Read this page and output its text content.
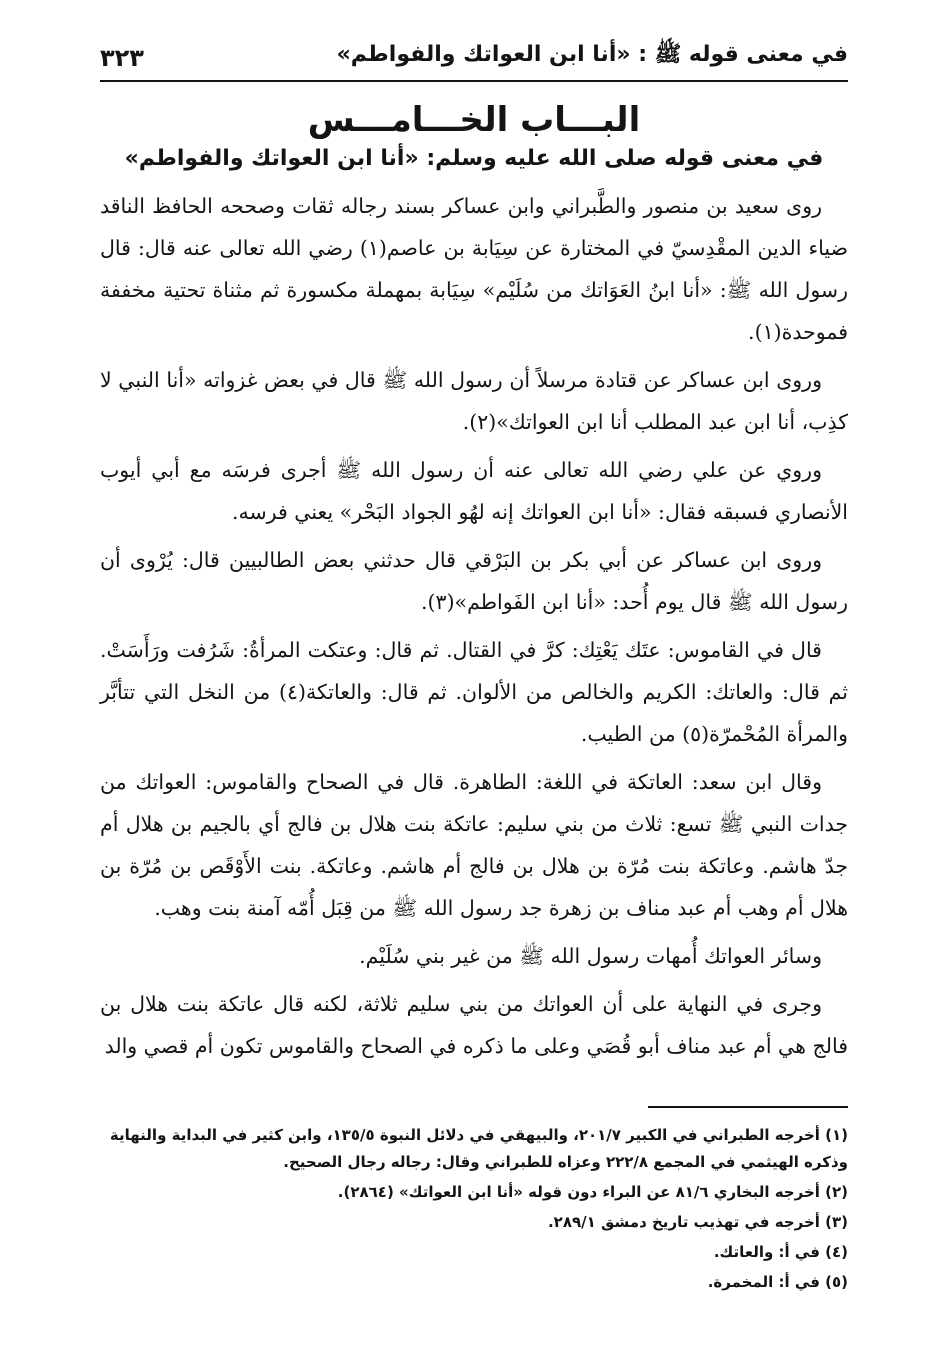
في معنى قوله ﷺ : «أنا ابن العواتك والفواطم»
٣٢٣
البـــاب الخـــامـــس
في معنى قوله صلى الله عليه وسلم: «أنا ابن العواتك والفواطم»

روى سعيد بن منصور والطَّبراني وابن عساكر بسند رجاله ثقات وصححه الحافظ الناقد ضياء الدين المقْدِسيّ في المختارة عن سِيَابة بن عاصم(١) رضي الله تعالى عنه قال: قال رسول الله ﷺ: «أنا ابنُ العَوَاتك من سُلَيْم» سِيَابة بمهملة مكسورة ثم مثناة تحتية مخففة فموحدة(١).

وروى ابن عساكر عن قتادة مرسلاً أن رسول الله ﷺ قال في بعض غزواته «أنا النبي لا كذِب، أنا ابن عبد المطلب أنا ابن العواتك»(٢).

وروي عن علي رضي الله تعالى عنه أن رسول الله ﷺ أجرى فرسَه مع أبي أيوب الأنصاري فسبقه فقال: «أنا ابن العواتك إنه لهُو الجواد البَحْر» يعني فرسه.

وروى ابن عساكر عن أبي بكر بن البَرْقي قال حدثني بعض الطالبيين قال: يُرْوى أن رسول الله ﷺ قال يوم أُحد: «أنا ابن الفَواطم»(٣).

قال في القاموس: عتَك يَعْتِك: كرَّ في القتال. ثم قال: وعتكت المرأةُ: شَرُفت ورَأَسَتْ. ثم قال: والعاتك: الكريم والخالص من الألوان. ثم قال: والعاتكة(٤) من النخل التي تتأبَّر والمرأة المُحْمرّة(٥) من الطيب.

وقال ابن سعد: العاتكة في اللغة: الطاهرة. قال في الصحاح والقاموس: العواتك من جدات النبي ﷺ تسع: ثلاث من بني سليم: عاتكة بنت هلال بن فالج أي بالجيم بن هلال أم جدّ هاشم. وعاتكة بنت مُرّة بن هلال بن فالج أم هاشم. وعاتكة. بنت الأَوْقَص بن مُرّة بن هلال أم وهب أم عبد مناف بن زهرة جد رسول الله ﷺ من قِبَل أُمّه آمنة بنت وهب.

وسائر العواتك أُمهات رسول الله ﷺ من غير بني سُلَيْم.

وجرى في النهاية على أن العواتك من بني سليم ثلاثة، لكنه قال عاتكة بنت هلال بن فالج هي أم عبد مناف أبو قُصَي وعلى ما ذكره في الصحاح والقاموس تكون أم قصي والد

(١) أخرجه الطبراني في الكبير ٢٠١/٧، والبيهقي في دلائل النبوة ١٣٥/٥، وابن كثير في البداية والنهاية وذكره الهيثمي في المجمع ٢٢٢/٨ وعزاه للطبراني وقال: رجاله رجال الصحيح.

(٢) أخرجه البخاري ٨١/٦ عن البراء دون قوله «أنا ابن العواتك» (٢٨٦٤).

(٣) أخرجه في تهذيب تاريخ دمشق ٢٨٩/١.

(٤) في أ: والعاتك.

(٥) في أ: المخمرة.
